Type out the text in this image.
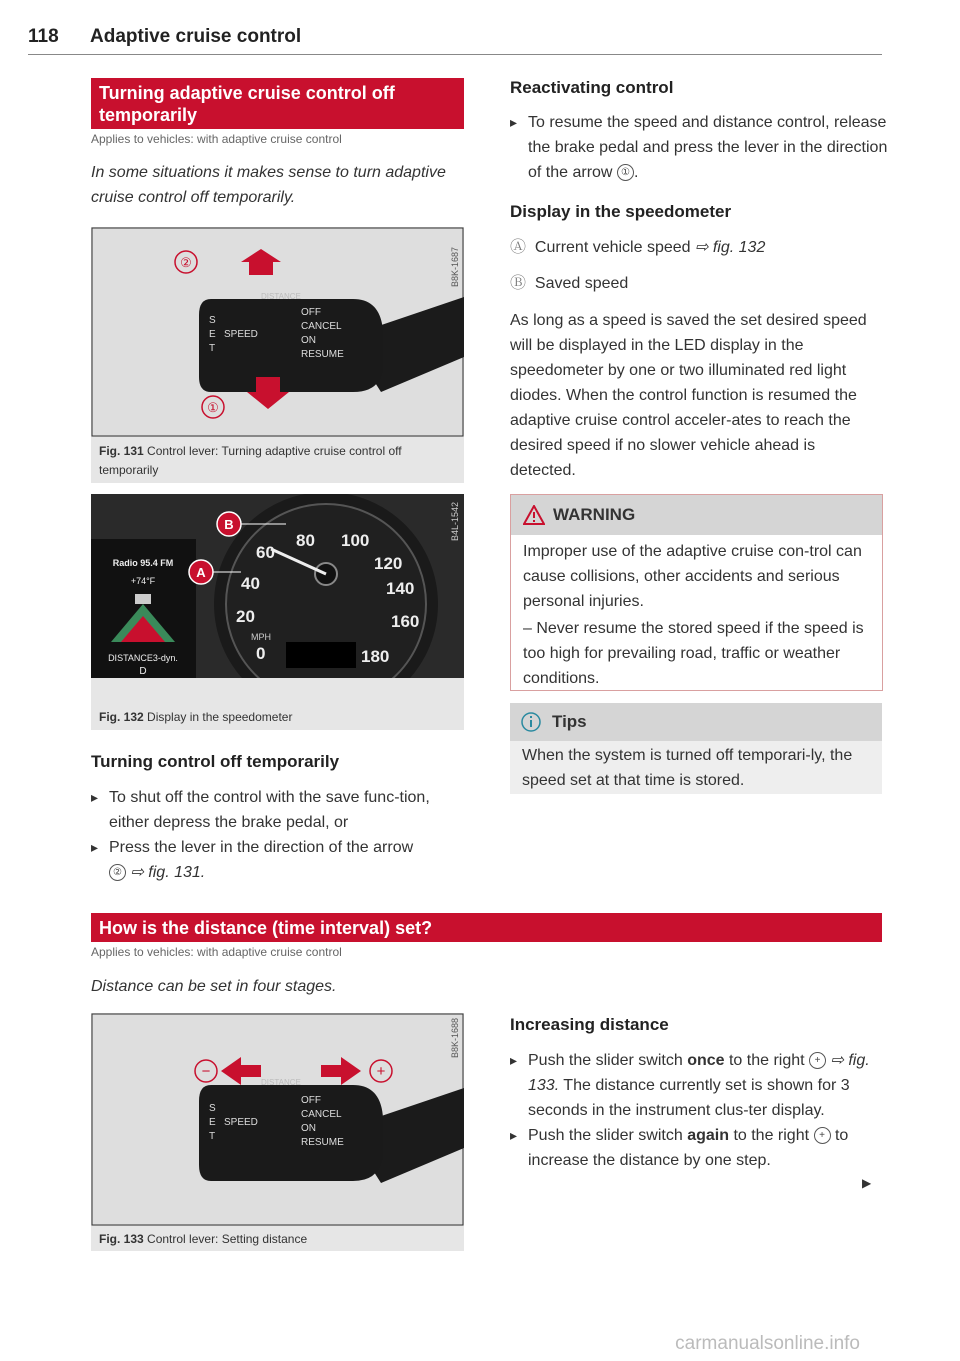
118 Adaptive cruise control
Turning adaptive cruise control off temporarily
Applies to vehicles: with adaptive cruise control
In some situations it makes sense to turn adaptive cruise control off temporarily.
DISTANCE
S
E
T
SPEED
OFF
CANCEL
ON
RESUME
②
①
B8K-1687
Fig. 131 Control lever: Turning adaptive cruise control off temporarily
Radio 95.4 FM
+74°F
DISTANCE3-dyn.
D
80 100
60
120
40	140
20	160
0	180
MPH
B
A
B4L-1542
Fig. 132 Display in the speedometer
Turning control off temporarily
▸ To shut off the control with the save func-tion, either depress the brake pedal, or
▸ Press the lever in the direction of the arrow
② ⇨ fig. 131.
Reactivating control
▸ To resume the speed and distance control, release the brake pedal and press the lever in the direction of the arrow ① .
Display in the speedometer
Ⓐ Current vehicle speed ⇨ fig. 132
Ⓑ Saved speed
As long as a speed is saved the set desired speed will be displayed in the LED display in the speedometer by one or two illuminated red light diodes. When the control function is resumed the adaptive cruise control acceler-ates to reach the desired speed if no slower vehicle ahead is detected.
WARNING
Improper use of the adaptive cruise con-trol can cause collisions, other accidents and serious personal injuries.
– Never resume the stored speed if the speed is too high for prevailing road, traffic or weather conditions.
Tips
When the system is turned off temporari-ly, the speed set at that time is stored.
How is the distance (time interval) set?
Applies to vehicles: with adaptive cruise control
Distance can be set in four stages.
DISTANCE
S
E
T
SPEED
OFF
CANCEL
ON
RESUME
−	+
B8K-1688
Fig. 133 Control lever: Setting distance
Increasing distance
▸ Push the slider switch once to the right + ⇨ fig. 133. The distance currently set is shown for 3 seconds in the instrument clus-ter display.
▸ Push the slider switch again to the right + to increase the distance by one step.
▶
carmanualsonline.info
